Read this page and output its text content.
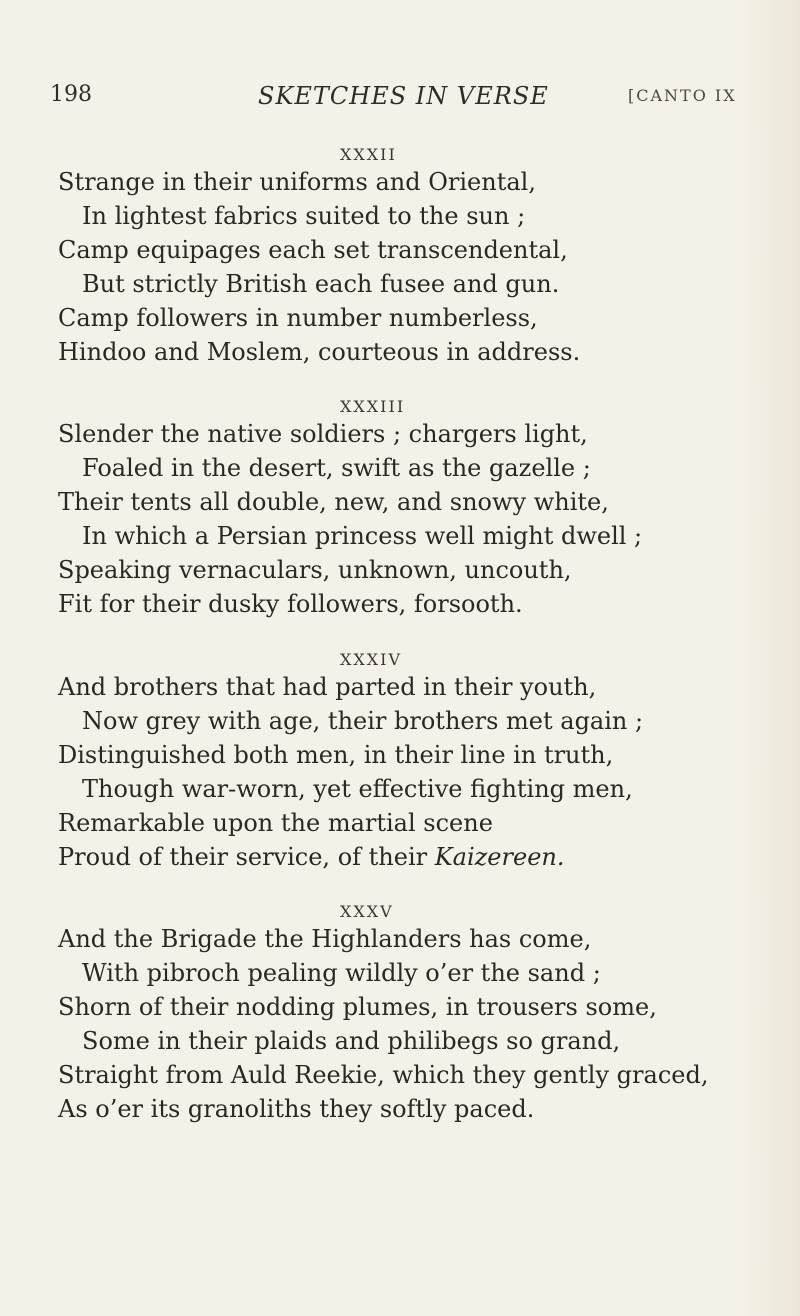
198	SKETCHES IN VERSE	[CANTO IX
XXXII
Strange in their uniforms and Oriental,
In lightest fabrics suited to the sun ;
Camp equipages each set transcendental,
But strictly British each fusee and gun.
Camp followers in number numberless,
Hindoo and Moslem, courteous in address.
XXXIII
Slender the native soldiers ; chargers light,
Foaled in the desert, swift as the gazelle ;
Their tents all double, new, and snowy white,
In which a Persian princess well might dwell ;
Speaking vernaculars, unknown, uncouth,
Fit for their dusky followers, forsooth.
XXXIV
And brothers that had parted in their youth,
Now grey with age, their brothers met again ;
Distinguished both men, in their line in truth,
Though war-worn, yet effective fighting men,
Remarkable upon the martial scene
Proud of their service, of their Kaizereen.
XXXV
And the Brigade the Highlanders has come,
With pibroch pealing wildly o’er the sand ;
Shorn of their nodding plumes, in trousers some,
Some in their plaids and philibegs so grand,
Straight from Auld Reekie, which they gently graced,
As o’er its granoliths they softly paced.
